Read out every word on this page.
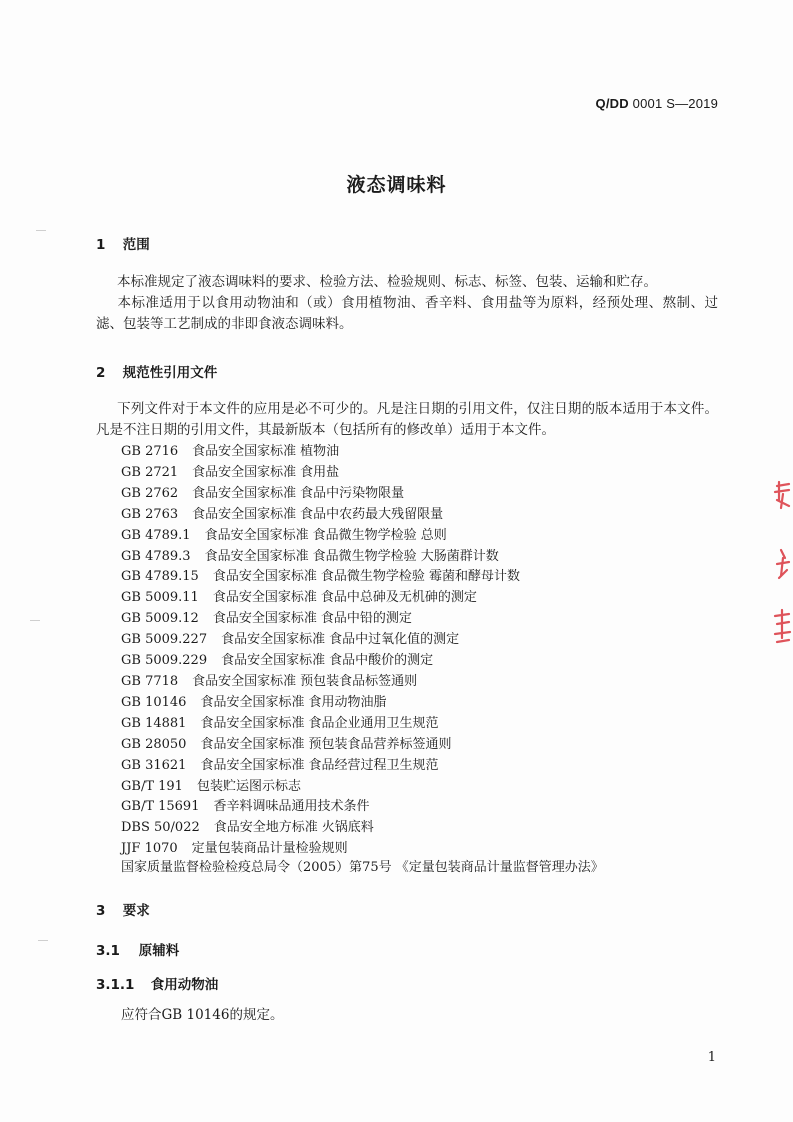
Q/DD 0001 S—2019
液态调味料
1 范围
本标准规定了液态调味料的要求、检验方法、检验规则、标志、标签、包装、运输和贮存。
本标准适用于以食用动物油和（或）食用植物油、香辛料、食用盐等为原料，经预处理、熬制、过滤、包装等工艺制成的非即食液态调味料。
2 规范性引用文件
下列文件对于本文件的应用是必不可少的。凡是注日期的引用文件，仅注日期的版本适用于本文件。凡是不注日期的引用文件，其最新版本（包括所有的修改单）适用于本文件。
GB 2716 食品安全国家标准 植物油
GB 2721 食品安全国家标准 食用盐
GB 2762 食品安全国家标准 食品中污染物限量
GB 2763 食品安全国家标准 食品中农药最大残留限量
GB 4789.1 食品安全国家标准 食品微生物学检验 总则
GB 4789.3 食品安全国家标准 食品微生物学检验 大肠菌群计数
GB 4789.15 食品安全国家标准 食品微生物学检验 霉菌和酵母计数
GB 5009.11 食品安全国家标准 食品中总砷及无机砷的测定
GB 5009.12 食品安全国家标准 食品中铅的测定
GB 5009.227 食品安全国家标准 食品中过氧化值的测定
GB 5009.229 食品安全国家标准 食品中酸价的测定
GB 7718 食品安全国家标准 预包装食品标签通则
GB 10146 食品安全国家标准 食用动物油脂
GB 14881 食品安全国家标准 食品企业通用卫生规范
GB 28050 食品安全国家标准 预包装食品营养标签通则
GB 31621 食品安全国家标准 食品经营过程卫生规范
GB/T 191 包装贮运图示标志
GB/T 15691 香辛料调味品通用技术条件
DBS 50/022 食品安全地方标准 火锅底料
JJF 1070 定量包装商品计量检验规则
国家质量监督检验检疫总局令（2005）第75号 《定量包装商品计量监督管理办法》
3 要求
3.1 原辅料
3.1.1 食用动物油
应符合GB 10146的规定。
1
